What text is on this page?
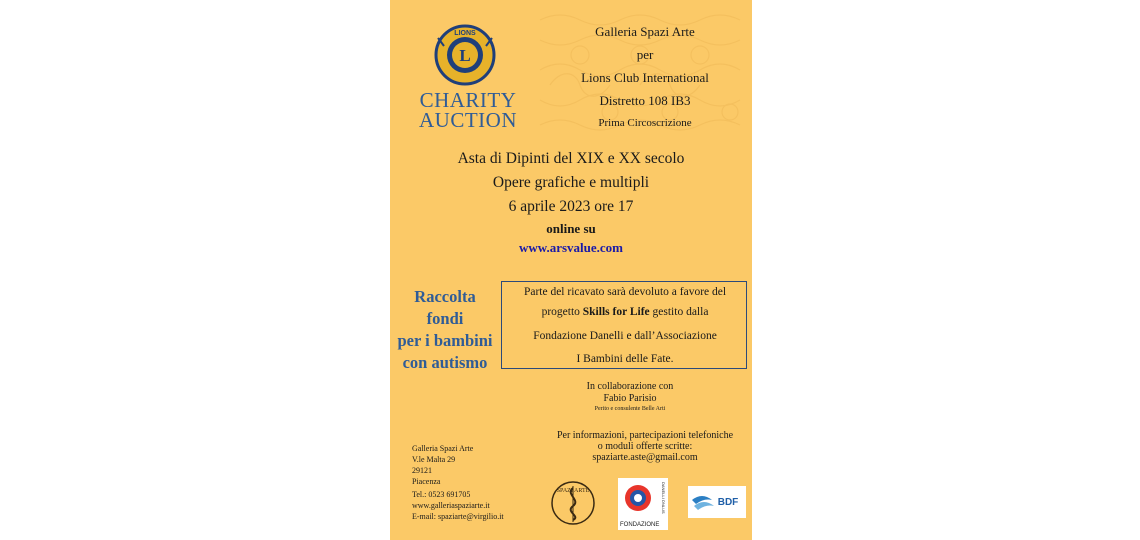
L
LIONS
CHARITY
AUCTION
Galleria Spazi Arte
per
Lions Club International
Distretto 108 IB3
Prima Circoscrizione
Asta di Dipinti del XIX e XX secolo
Opere grafiche e multipli
6 aprile 2023 ore 17
online su
www.arsvalue.com
Raccolta fondi
per i bambini
con autismo
Parte del ricavato sarà devoluto a favore del
progetto Skills for Life gestito dalla
Fondazione Danelli e dall’Associazione
I Bambini delle Fate.
In collaborazione con
Fabio Parisio
Perito e consulente Belle Arti
Per informazioni, partecipazioni telefoniche
o moduli offerte scritte:
spaziarte.aste@gmail.com
Galleria Spazi Arte
V.le Malta 29
29121
Piacenza
Tel.: 0523 691705
www.galleriaspaziarte.it
E-mail: spaziarte@virgilio.it
SPAZI ARTE
FONDAZIONE
DANELLI ONLUS	BDF
